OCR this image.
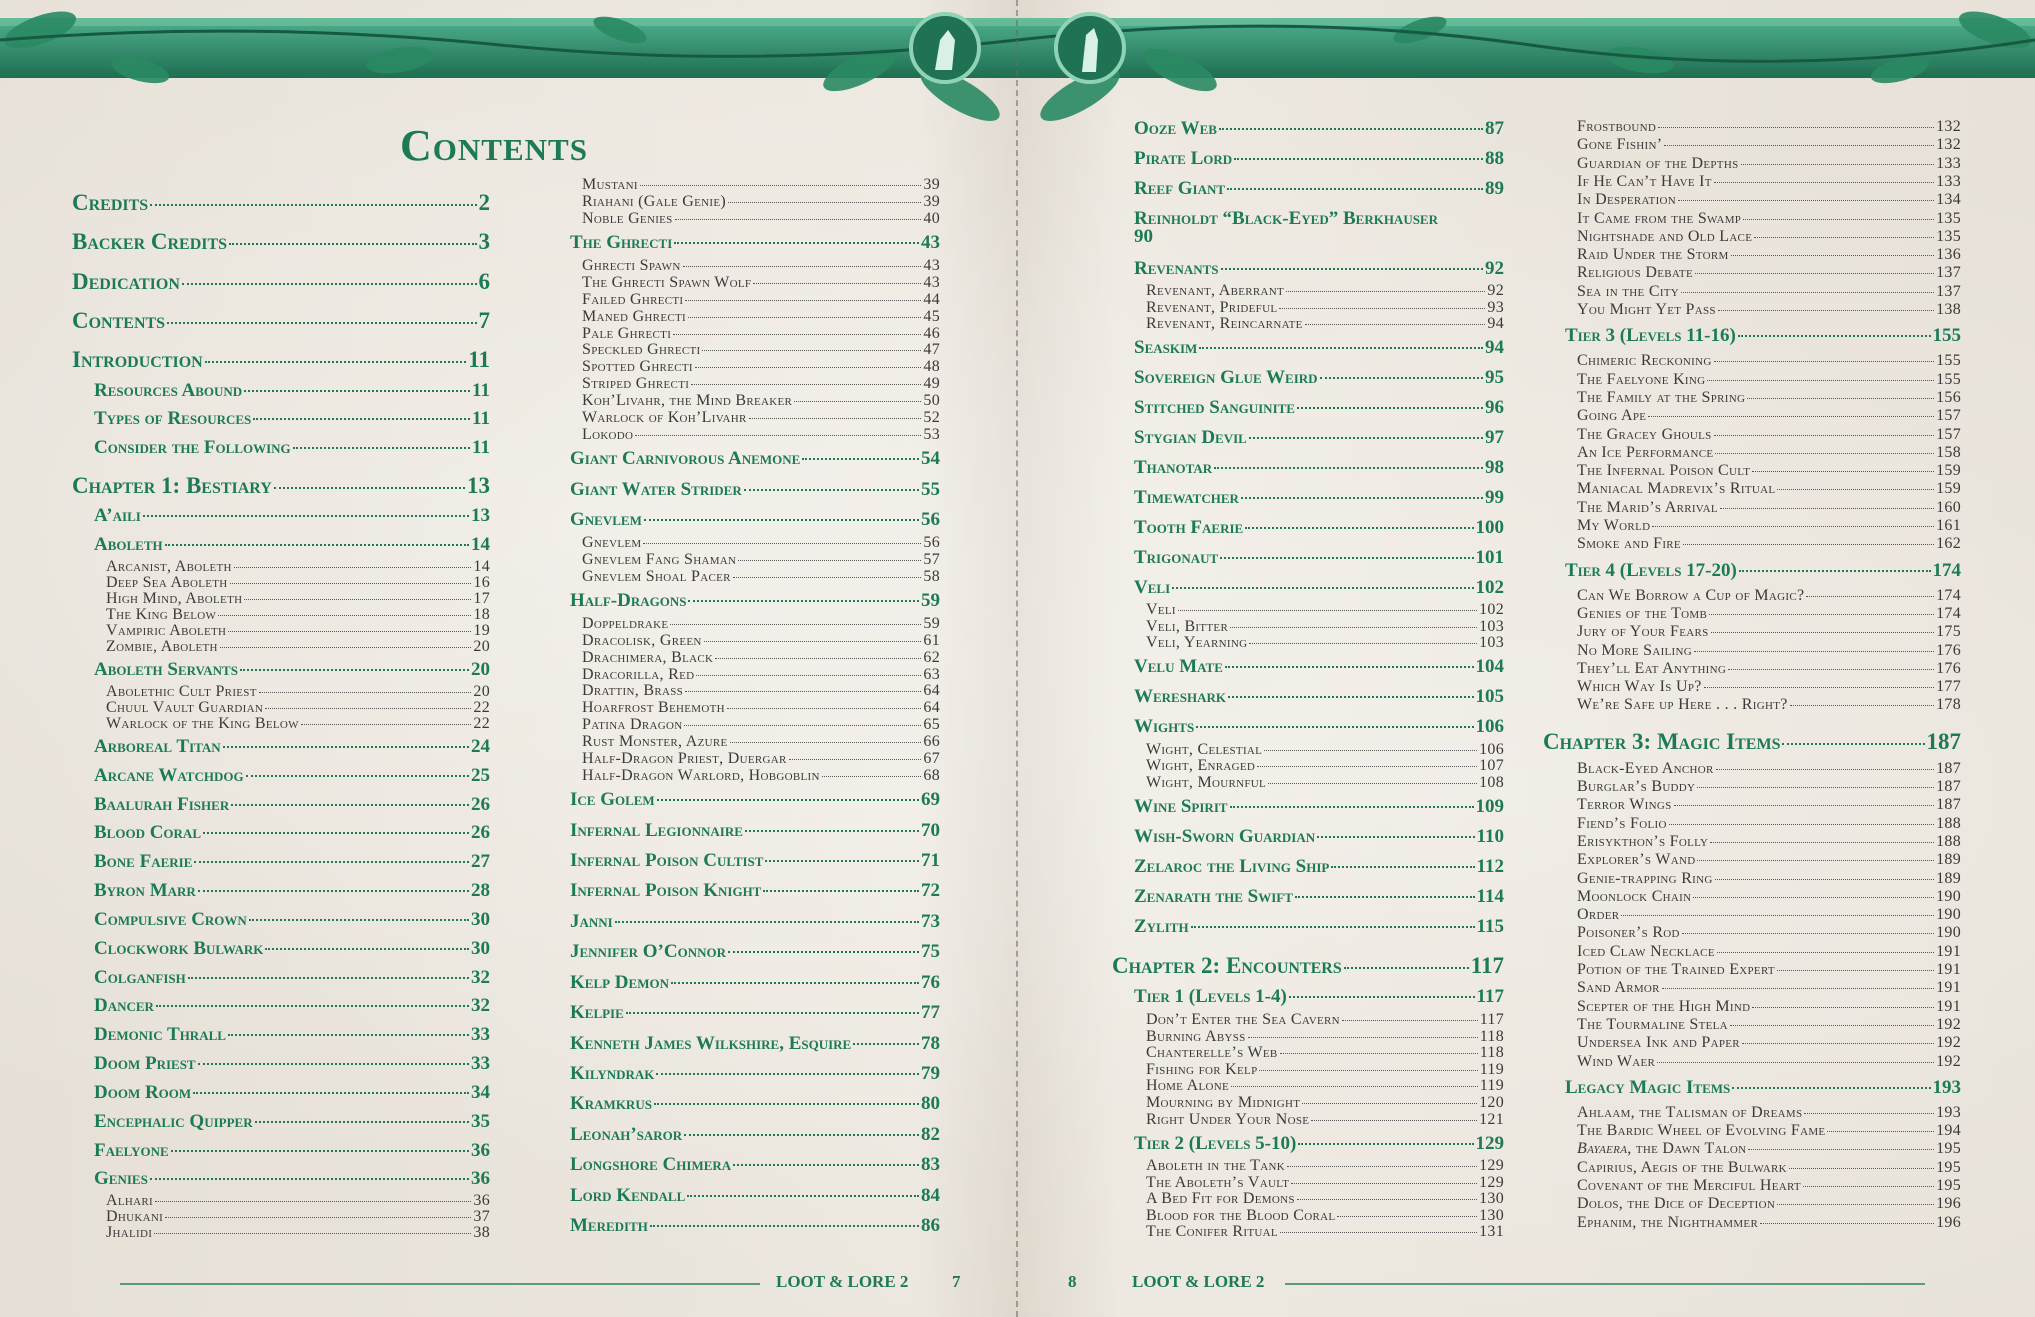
Contents
Credits	2
Backer Credits	3
Dedication	6
Contents	7
Introduction	11
Resources Abound	11
Types of Resources	11
Consider the Following	11
Chapter 1: Bestiary	13
A’aili	13
Aboleth	14
Arcanist, Aboleth	14
Deep Sea Aboleth	16
High Mind, Aboleth	17
The King Below	18
Vampiric Aboleth	19
Zombie, Aboleth	20
Aboleth Servants	20
Abolethic Cult Priest	20
Chuul Vault Guardian	22
Warlock of the King Below	22
Arboreal Titan	24
Arcane Watchdog	25
Baalurah Fisher	26
Blood Coral	26
Bone Faerie	27
Byron Marr	28
Compulsive Crown	30
Clockwork Bulwark	30
Colganfish	32
Dancer	32
Demonic Thrall	33
Doom Priest	33
Doom Room	34
Encephalic Quipper	35
Faelyone	36
Genies	36
Alhari	36
Dhukani	37
Jhalidi	38
Mustani	39
Riahani (Gale Genie)	39
Noble Genies	40
The Ghrecti	43
Ghrecti Spawn	43
The Ghrecti Spawn Wolf	43
Failed Ghrecti	44
Maned Ghrecti	45
Pale Ghrecti	46
Speckled Ghrecti	47
Spotted Ghrecti	48
Striped Ghrecti	49
Koh’Livahr, the Mind Breaker	50
Warlock of Koh’Livahr	52
Lokodo	53
Giant Carnivorous Anemone	54
Giant Water Strider	55
Gnevlem	56
Gnevlem	56
Gnevlem Fang Shaman	57
Gnevlem Shoal Pacer	58
Half-Dragons	59
Doppeldrake	59
Dracolisk, Green	61
Drachimera, Black	62
Dracorilla, Red	63
Drattin, Brass	64
Hoarfrost Behemoth	64
Patina Dragon	65
Rust Monster, Azure	66
Half-Dragon Priest, Duergar	67
Half-Dragon Warlord, Hobgoblin	68
Ice Golem	69
Infernal Legionnaire	70
Infernal Poison Cultist	71
Infernal Poison Knight	72
Janni	73
Jennifer O’Connor	75
Kelp Demon	76
Kelpie	77
Kenneth James Wilkshire, Esquire	78
Kilyndrak	79
Kramkrus	80
Leonah’saror	82
Longshore Chimera	83
Lord Kendall	84
Meredith	86
Ooze Web	87
Pirate Lord	88
Reef Giant	89
Reinholdt “Black-Eyed” Berkhauser
90
Revenants	92
Revenant, Aberrant	92
Revenant, Prideful	93
Revenant, Reincarnate	94
Seaskim	94
Sovereign Glue Weird	95
Stitched Sanguinite	96
Stygian Devil	97
Thanotar	98
Timewatcher	99
Tooth Faerie	100
Trigonaut	101
Veli	102
Veli	102
Veli, Bitter	103
Veli, Yearning	103
Velu Mate	104
Wereshark	105
Wights	106
Wight, Celestial	106
Wight, Enraged	107
Wight, Mournful	108
Wine Spirit	109
Wish-Sworn Guardian	110
Zelaroc the Living Ship	112
Zenarath the Swift	114
Zylith	115
Chapter 2: Encounters	117
Tier 1 (Levels 1-4)	117
Don’t Enter the Sea Cavern	117
Burning Abyss	118
Chanterelle’s Web	118
Fishing for Kelp	119
Home Alone	119
Mourning by Midnight	120
Right Under Your Nose	121
Tier 2 (Levels 5-10)	129
Aboleth in the Tank	129
The Aboleth’s Vault	129
A Bed Fit for Demons	130
Blood for the Blood Coral	130
The Conifer Ritual	131
Frostbound	132
Gone Fishin’	132
Guardian of the Depths	133
If He Can’t Have It	133
In Desperation	134
It Came from the Swamp	135
Nightshade and Old Lace	135
Raid Under the Storm	136
Religious Debate	137
Sea in the City	137
You Might Yet Pass	138
Tier 3 (Levels 11-16)	155
Chimeric Reckoning	155
The Faelyone King	155
The Family at the Spring	156
Going Ape	157
The Gracey Ghouls	157
An Ice Performance	158
The Infernal Poison Cult	159
Maniacal Madrevix’s Ritual	159
The Marid’s Arrival	160
My World	161
Smoke and Fire	162
Tier 4 (Levels 17-20)	174
Can We Borrow a Cup of Magic?	174
Genies of the Tomb	174
Jury of Your Fears	175
No More Sailing	176
They’ll Eat Anything	176
Which Way Is Up?	177
We’re Safe up Here . . . Right?	178
Chapter 3: Magic Items	187
Black-Eyed Anchor	187
Burglar’s Buddy	187
Terror Wings	187
Fiend’s Folio	188
Erisykthon’s Folly	188
Explorer’s Wand	189
Genie-trapping Ring	189
Moonlock Chain	190
Order	190
Poisoner’s Rod	190
Iced Claw Necklace	191
Potion of the Trained Expert	191
Sand Armor	191
Scepter of the High Mind	191
The Tourmaline Stela	192
Undersea Ink and Paper	192
Wind Waer	192
Legacy Magic Items	193
Ahlaam, the Talisman of Dreams	193
The Bardic Wheel of Evolving Fame	194
Bayaera, the Dawn Talon	195
Capirius, Aegis of the Bulwark	195
Covenant of the Merciful Heart	195
Dolos, the Dice of Deception	196
Ephanim, the Nighthammer	196
LOOT & LORE 2	7	8	LOOT & LORE 2
